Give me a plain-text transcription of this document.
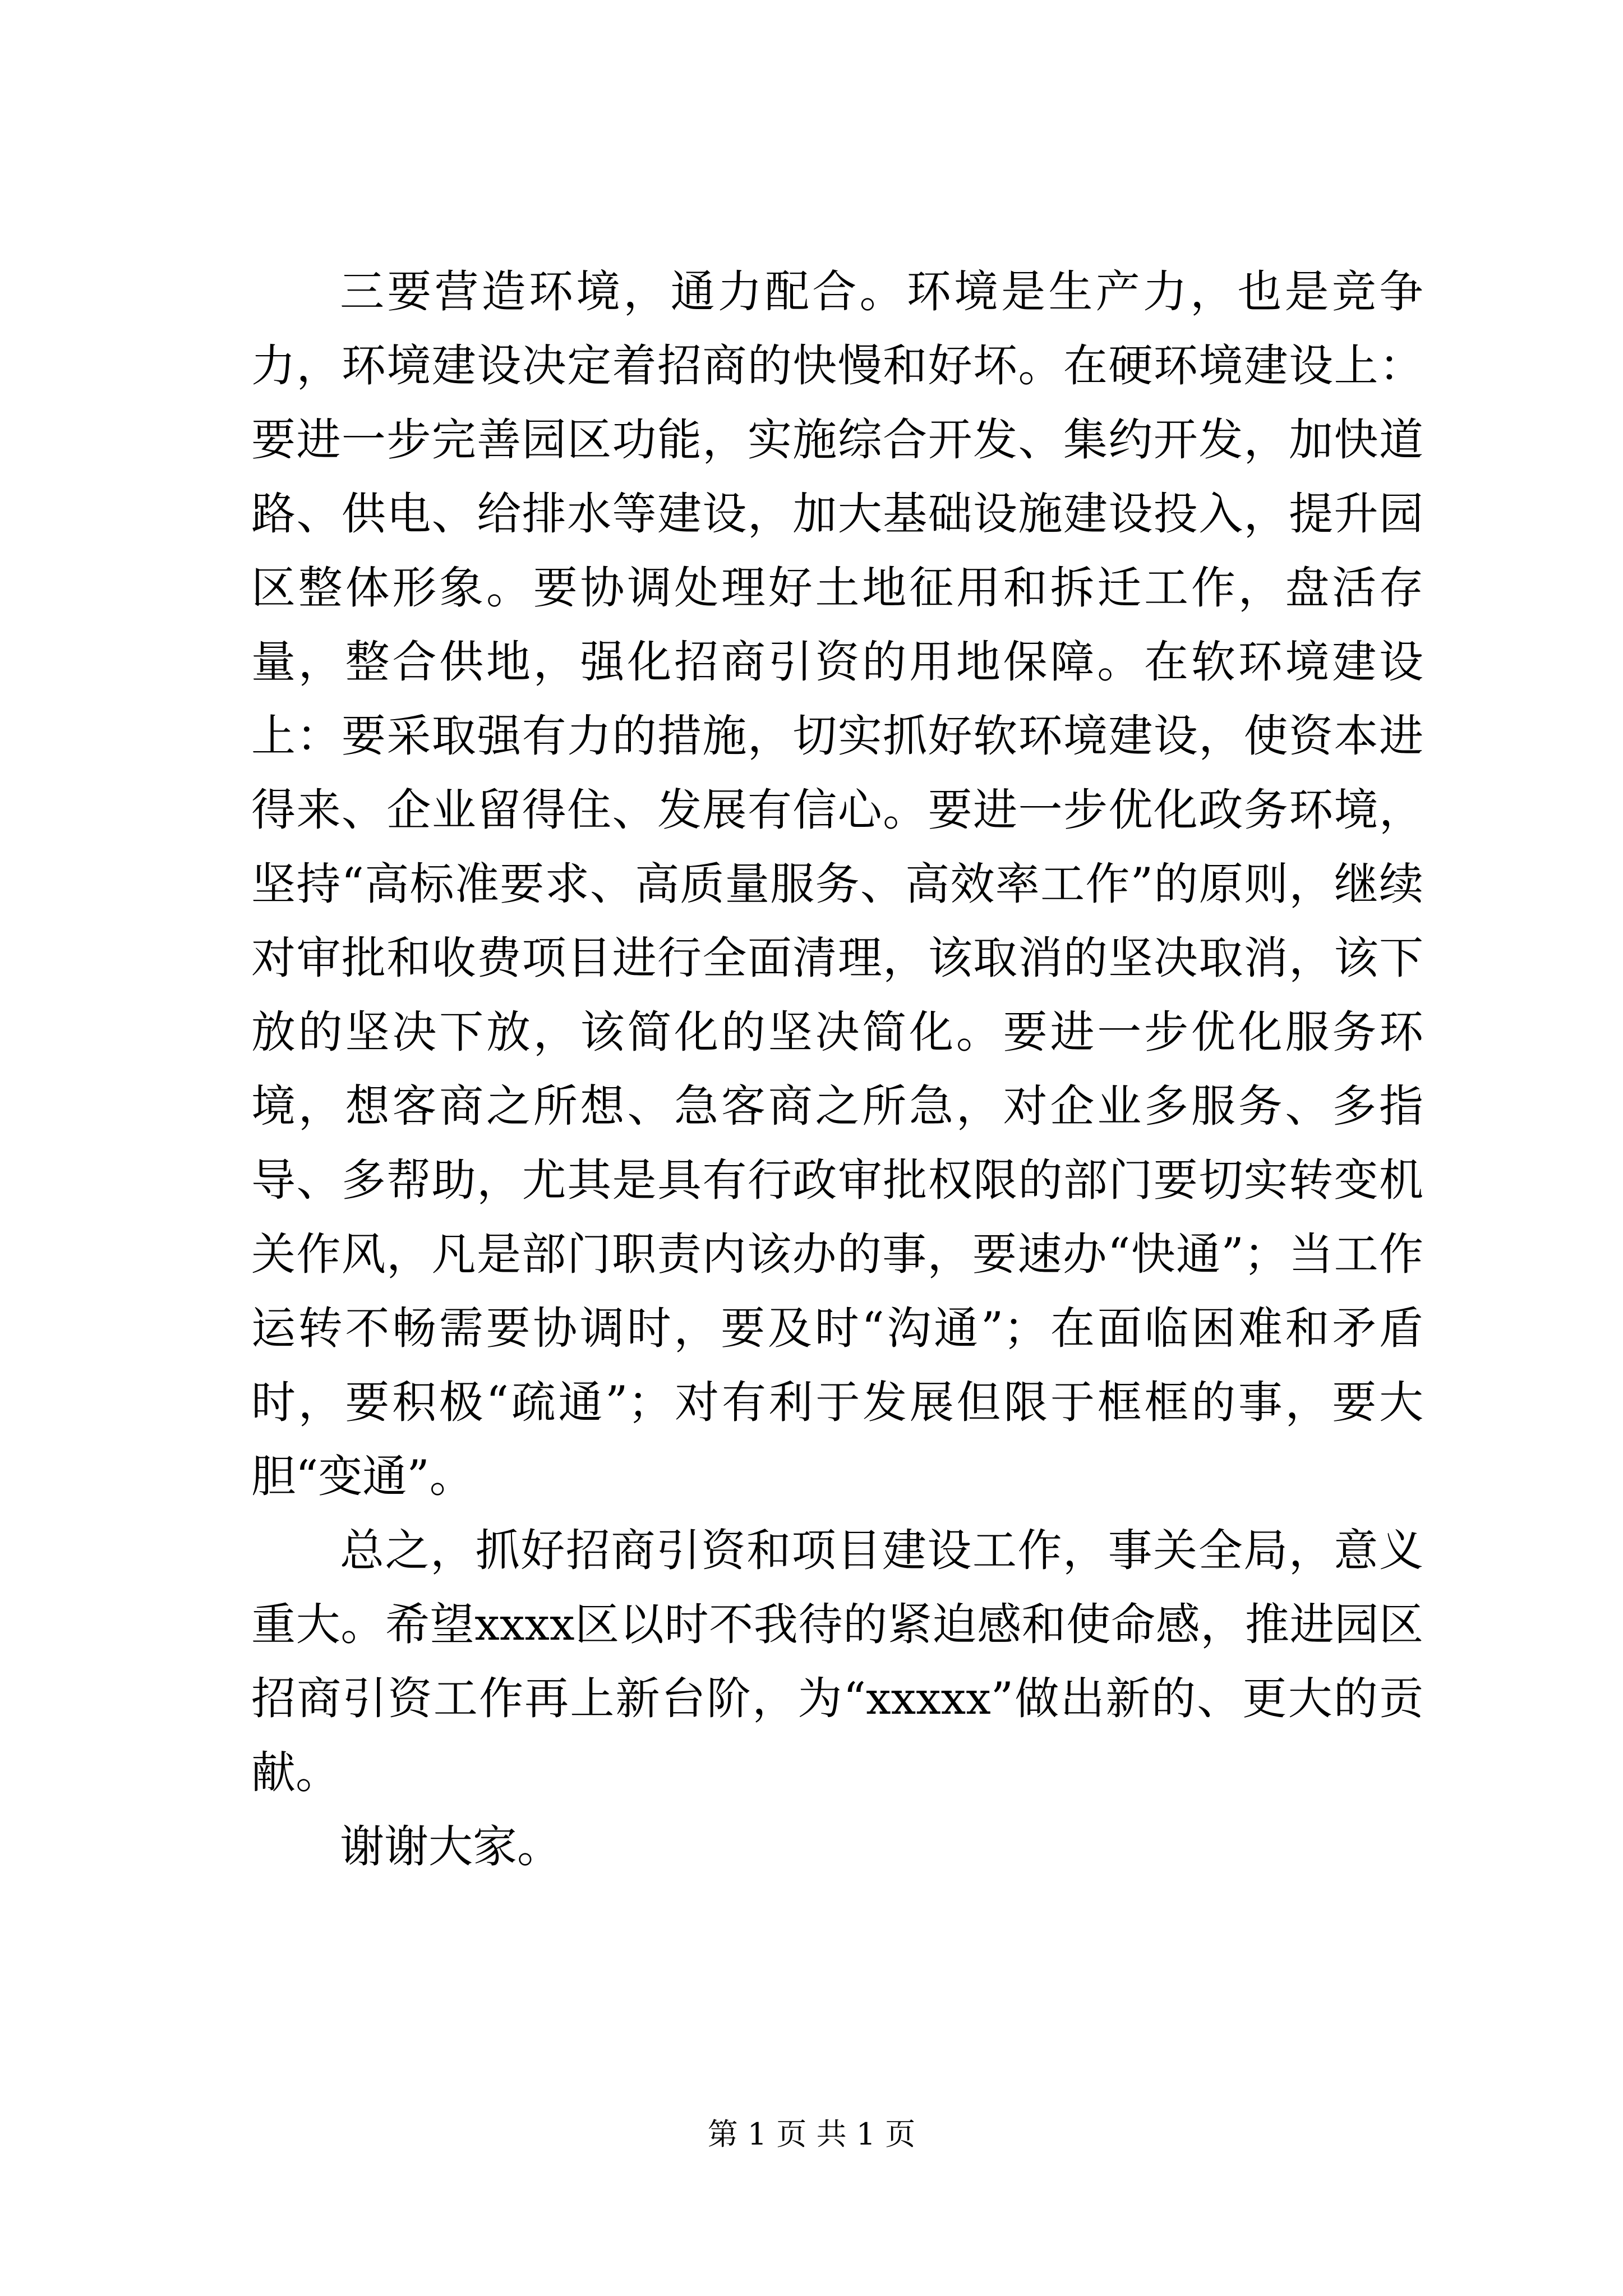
三要营造环境，通力配合。环境是生产力，也是竞争力，环境建设决定着招商的快慢和好坏。在硬环境建设上：要进一步完善园区功能，实施综合开发、集约开发，加快道路、供电、给排水等建设，加大基础设施建设投入，提升园区整体形象。要协调处理好土地征用和拆迁工作，盘活存量，整合供地，强化招商引资的用地保障。在软环境建设上：要采取强有力的措施，切实抓好软环境建设，使资本进得来、企业留得住、发展有信心。要进一步优化政务环境，坚持“高标准要求、高质量服务、高效率工作”的原则，继续对审批和收费项目进行全面清理，该取消的坚决取消，该下放的坚决下放，该简化的坚决简化。要进一步优化服务环境，想客商之所想、急客商之所急，对企业多服务、多指导、多帮助，尤其是具有行政审批权限的部门要切实转变机关作风，凡是部门职责内该办的事，要速办“快通”；当工作运转不畅需要协调时，要及时“沟通”；在面临困难和矛盾时，要积极“疏通”；对有利于发展但限于框框的事，要大胆“变通”。

总之，抓好招商引资和项目建设工作，事关全局，意义重大。希望xxxx区以时不我待的紧迫感和使命感，推进园区招商引资工作再上新台阶，为“xxxxx”做出新的、更大的贡献。

谢谢大家。

第 1 页 共 1 页
